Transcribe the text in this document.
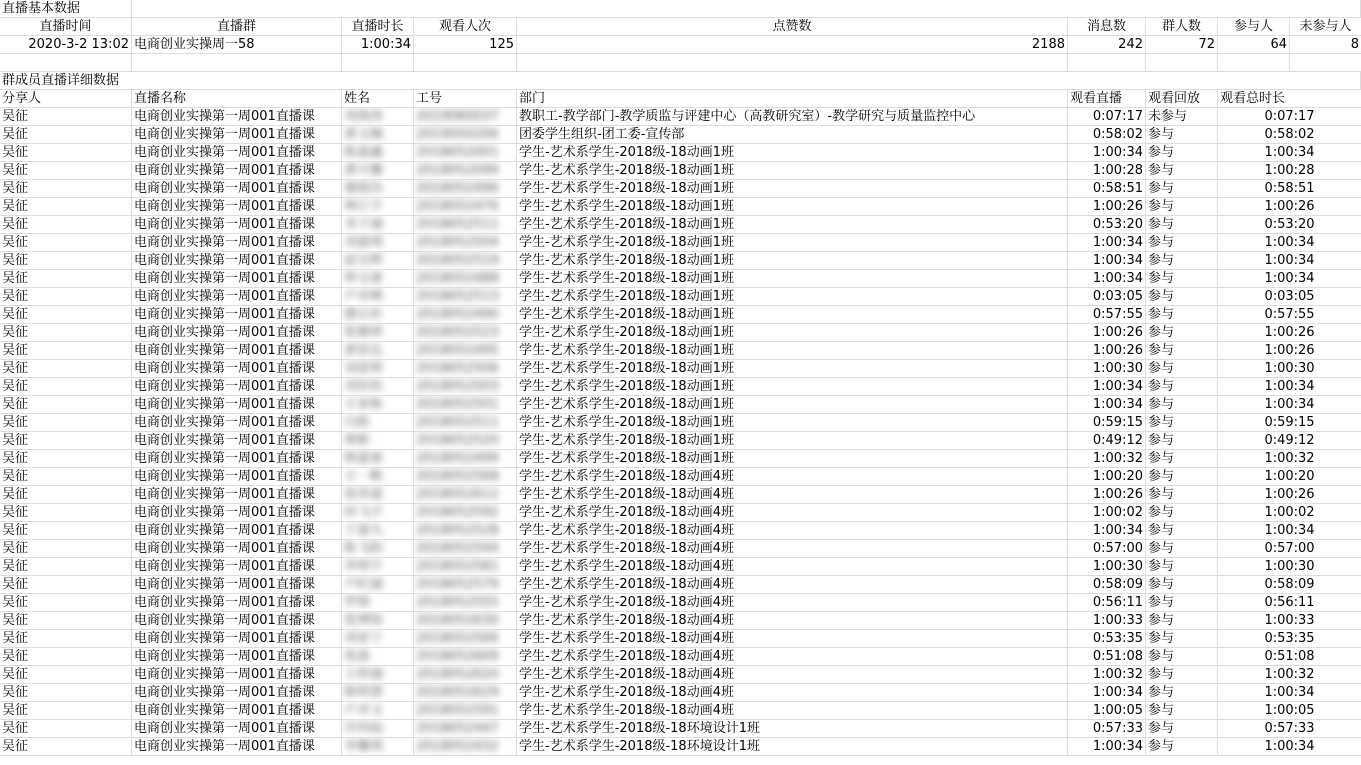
直播基本数据
直播时间	直播群	直播时长	观看人次	点赞数	消息数	群人数	参与人	未参与人
2020-3-2 13:02 电商创业实操周一58	1:00:34	125	2188	242	72	64	8
群成员直播详细数据
分享人	直播名称	姓名	工号	部门	观看直播	观看回放	观看总时长
吴征	电商创业实操第一周001直播课	刘海涛	2019060037	教职工-教学部门-教学质监与评建中心（高教研究室）-教学研究与质量监控中心	0:07:17 未参与	0:07:17
吴征	电商创业实操第一周001直播课	黄文楠	2019050206	团委学生组织-团工委-宣传部	0:58:02 参与	0:58:02
吴征	电商创业实操第一周001直播课	陈嘉鑫	2018052001	学生-艺术系学生-2018级-18动画1班	1:00:34 参与	1:00:34
吴征	电商创业实操第一周001直播课	黄可馨	2018052099	学生-艺术系学生-2018级-18动画1班	1:00:28 参与	1:00:28
吴征	电商创业实操第一周001直播课	谢霞昌	2018052496	学生-艺术系学生-2018级-18动画1班	0:58:51 参与	0:58:51
吴征	电商创业实操第一周001直播课	林江宇	2018052476	学生-艺术系学生-2018级-18动画1班	1:00:26 参与	1:00:26
吴征	电商创业实操第一周001直播课	邓子涵	2018052511	学生-艺术系学生-2018级-18动画1班	0:53:20 参与	0:53:20
吴征	电商创业实操第一周001直播课	刘嘉琪	2018052504	学生-艺术系学生-2018级-18动画1班	1:00:34 参与	1:00:34
吴征	电商创业实操第一周001直播课	赵宝辉	2018052519	学生-艺术系学生-2018级-18动画1班	1:00:34 参与	1:00:34
吴征	电商创业实操第一周001直播课	钟文豪	2018052488	学生-艺术系学生-2018级-18动画1班	1:00:34 参与	1:00:34
吴征	电商创业实操第一周001直播课	卢卓峰	2018052513	学生-艺术系学生-2018级-18动画1班	0:03:05 参与	0:03:05
吴征	电商创业实操第一周001直播课	廖正轩	2018052490	学生-艺术系学生-2018级-18动画1班	0:57:55 参与	0:57:55
吴征	电商创业实操第一周001直播课	张雅婷	2018052523	学生-艺术系学生-2018级-18动画1班	1:00:26 参与	1:00:26
吴征	电商创业实操第一周001直播课	黄思弘	2018052495	学生-艺术系学生-2018级-18动画1班	1:00:26 参与	1:00:26
吴征	电商创业实操第一周001直播课	刘思婷	2018052506	学生-艺术系学生-2018级-18动画1班	1:00:30 参与	1:00:30
吴征	电商创业实操第一周001直播课	刘佳怡	2018052503	学生-艺术系学生-2018级-18动画1班	1:00:34 参与	1:00:34
吴征	电商创业实操第一周001直播课	王家栋	2018052501	学生-艺术系学生-2018级-18动画1班	1:00:34 参与	1:00:34
吴征	电商创业实操第一周001直播课	白皓	2018052511	学生-艺术系学生-2018级-18动画1班	0:59:15 参与	0:59:15
吴征	电商创业实操第一周001直播课	蔡彬	2018052520	学生-艺术系学生-2018级-18动画1班	0:49:12 参与	0:49:12
吴征	电商创业实操第一周001直播课	韩嘉豪	2018052499	学生-艺术系学生-2018级-18动画1班	1:00:32 参与	1:00:32
吴征	电商创业实操第一周001直播课	王一帆	2018052568	学生-艺术系学生-2018级-18动画4班	1:00:20 参与	1:00:20
吴征	电商创业实操第一周001直播课	张伟嘉	2018052612	学生-艺术系学生-2018级-18动画4班	1:00:26 参与	1:00:26
吴征	电商创业实操第一周001直播课	何飞宇	2018052592	学生-艺术系学生-2018级-18动画4班	1:00:02 参与	1:00:02
吴征	电商创业实操第一周001直播课	于嘉凡	2018052528	学生-艺术系学生-2018级-18动画4班	1:00:34 参与	1:00:34
吴征	电商创业实操第一周001直播课	陈飞阳	2018052544	学生-艺术系学生-2018级-18动画4班	0:57:00 参与	0:57:00
吴征	电商创业实操第一周001直播课	李明宇	2018052581	学生-艺术系学生-2018级-18动画4班	1:00:30 参与	1:00:30
吴征	电商创业实操第一周001直播课	卢纪诚	2018052579	学生-艺术系学生-2018级-18动画4班	0:58:09 参与	0:58:09
吴征	电商创业实操第一周001直播课	罗锦	2018052555	学生-艺术系学生-2018级-18动画4班	0:56:11 参与	0:56:11
吴征	电商创业实操第一周001直播课	张博铭	2018052630	学生-艺术系学生-2018级-18动画4班	1:00:33 参与	1:00:33
吴征	电商创业实操第一周001直播课	刘家宁	2018052566	学生-艺术系学生-2018级-18动画4班	0:53:35 参与	0:53:35
吴征	电商创业实操第一周001直播课	张晨	2018052609	学生-艺术系学生-2018级-18动画4班	0:51:08 参与	0:51:08
吴征	电商创业实操第一周001直播课	王梓涵	2018052620	学生-艺术系学生-2018级-18动画4班	1:00:32 参与	1:00:32
吴征	电商创业实操第一周001直播课	陈明慧	2018052629	学生-艺术系学生-2018级-18动画4班	1:00:34 参与	1:00:34
吴征	电商创业实操第一周001直播课	卢卓文	2018052591	学生-艺术系学生-2018级-18动画4班	1:00:05 参与	1:00:05
吴征	电商创业实操第一周001直播课	许钧灿	2018052447	学生-艺术系学生-2018级-18环境设计1班	0:57:33 参与	0:57:33
吴征	电商创业实操第一周001直播课	李馨琪	2018052432	学生-艺术系学生-2018级-18环境设计1班	1:00:34 参与	1:00:34
